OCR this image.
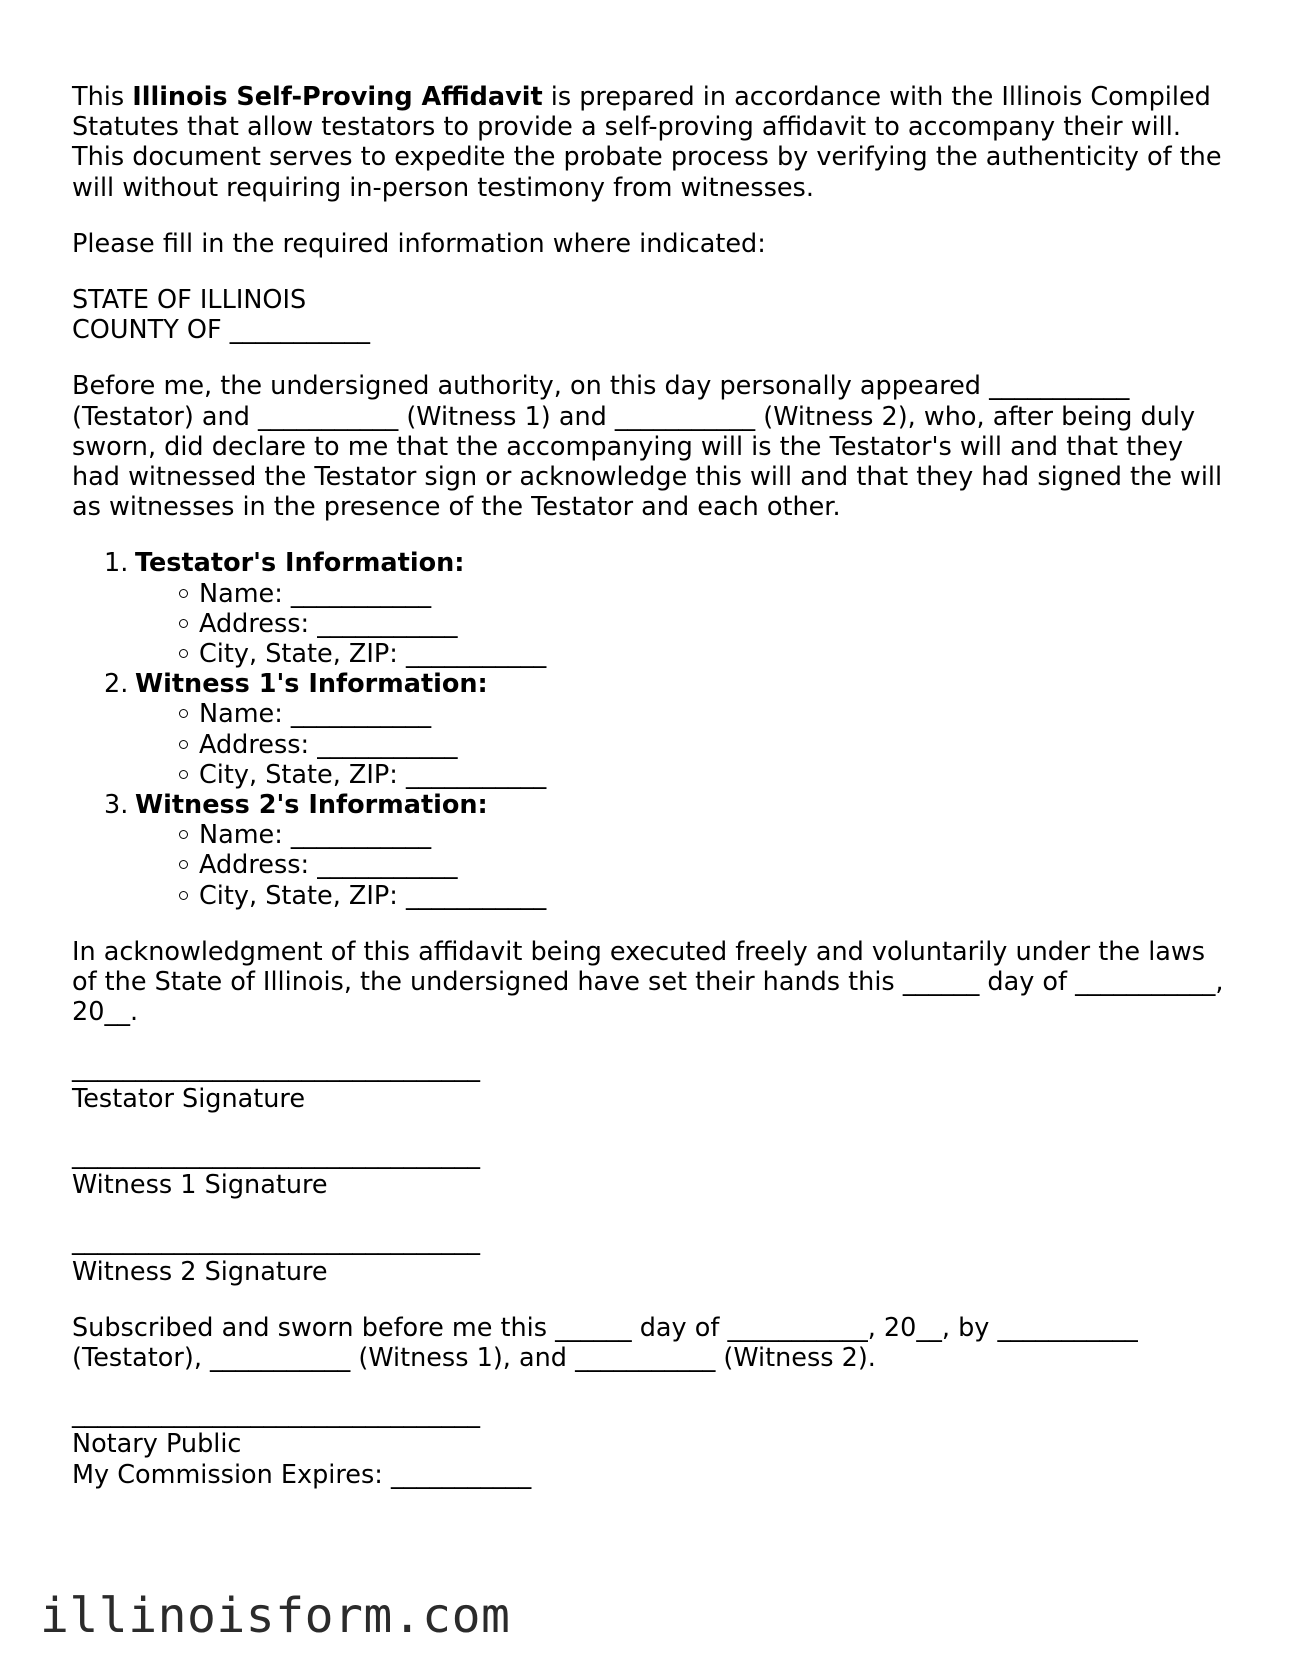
This Illinois Self-Proving Affidavit is prepared in accordance with the Illinois Compiled Statutes that allow testators to provide a self-proving affidavit to accompany their will. This document serves to expedite the probate process by verifying the authenticity of the will without requiring in-person testimony from witnesses.

Please fill in the required information where indicated:

STATE OF ILLINOIS
COUNTY OF ___________

Before me, the undersigned authority, on this day personally appeared ___________ (Testator) and ___________ (Witness 1) and ___________ (Witness 2), who, after being duly sworn, did declare to me that the accompanying will is the Testator's will and that they had witnessed the Testator sign or acknowledge this will and that they had signed the will as witnesses in the presence of the Testator and each other.

1. Testator's Information:
Name: ___________
Address: ___________
City, State, ZIP: ___________
2. Witness 1's Information:
Name: ___________
Address: ___________
City, State, ZIP: ___________
3. Witness 2's Information:
Name: ___________
Address: ___________
City, State, ZIP: ___________

In acknowledgment of this affidavit being executed freely and voluntarily under the laws of the State of Illinois, the undersigned have set their hands this ______ day of ___________, 20__.

________________________________
Testator Signature
________________________________
Witness 1 Signature
________________________________
Witness 2 Signature

Subscribed and sworn before me this ______ day of ___________, 20__, by ___________ (Testator), ___________ (Witness 1), and ___________ (Witness 2).

________________________________
Notary Public
My Commission Expires: ___________
illinoisform.com
